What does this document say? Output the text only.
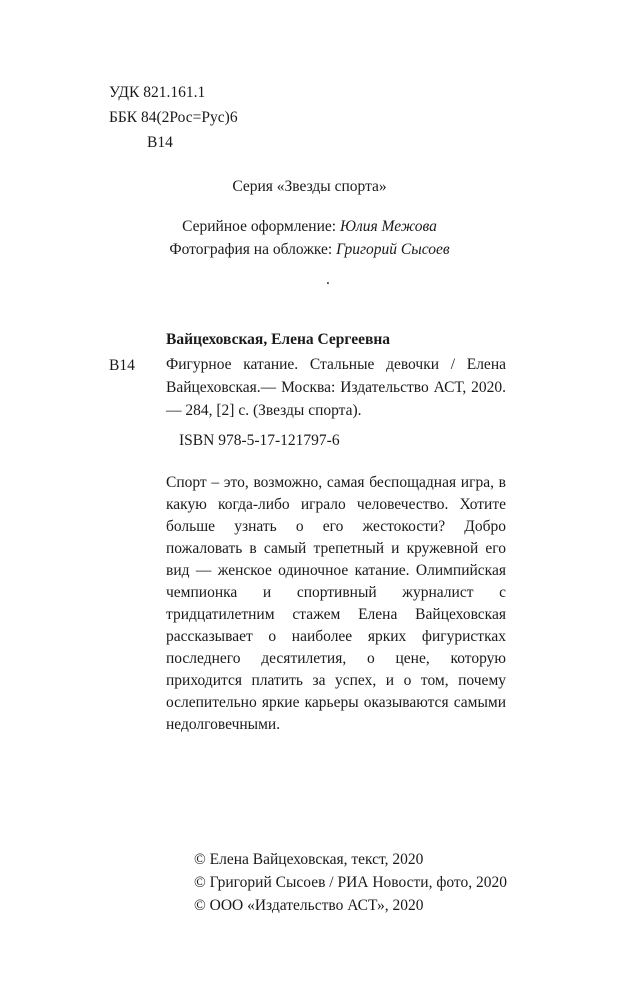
УДК 821.161.1
ББК 84(2Рос=Рус)6
В14
Серия «Звезды спорта»
Серийное оформление: Юлия Межова
Фотография на обложке: Григорий Сысоев
.
Вайцеховская, Елена Сергеевна
В14 Фигурное катание. Стальные девочки / Елена Вайцеховская.— Москва: Издательство АСТ, 2020.— 284, [2] с. (Звезды спорта).
ISBN 978-5-17-121797-6
Спорт – это, возможно, самая беспощадная игра, в какую когда-либо играло человечество. Хотите больше узнать о его жестокости? Добро пожаловать в самый трепетный и кружевной его вид — женское одиночное катание. Олимпийская чемпионка и спортивный журналист с тридцатилетним стажем Елена Вайцеховская рассказывает о наиболее ярких фигуристках последнего десятилетия, о цене, которую приходится платить за успех, и о том, почему ослепительно яркие карьеры оказываются самыми недолговечными.
© Елена Вайцеховская, текст, 2020
© Григорий Сысоев / РИА Новости, фото, 2020
© ООО «Издательство АСТ», 2020
